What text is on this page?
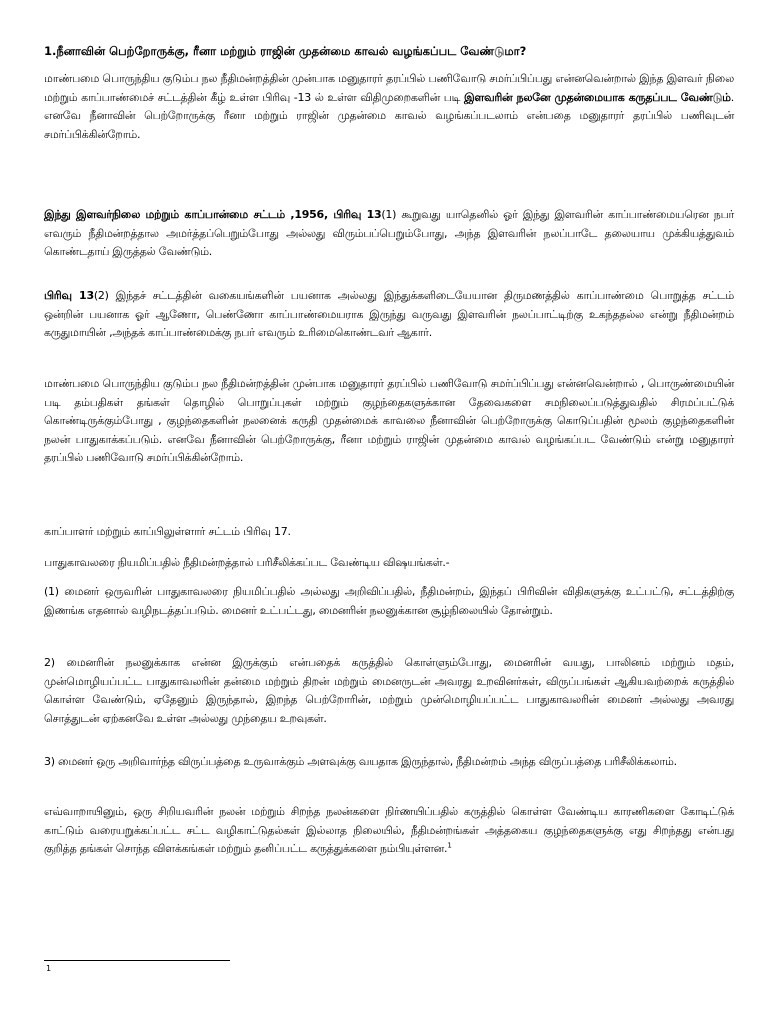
1.நீனாவின் பெற்றோருக்கு, ரீனா மற்றும் ராஜின் முதன்மை காவல் வழங்கப்பட வேண்டுமா?

மாண்பமை பொருந்திய குடும்ப நல நீதிமன்றத்தின் முன்பாக மனுதாரர் தரப்பில் பணிவோடு சமர்ப்பிப்பது என்னவென்றால் இந்த இளவர் நிலை மற்றும் காப்பாண்மைச் சட்டத்தின் கீழ் உள்ள பிரிவு -13 ல் உள்ள விதிமுறைகளின் படி இளவரின் நலனே முதன்மையாக கருதப்பட வேண்டும். எனவே நீனாவின் பெற்றோருக்கு ரீனா மற்றும் ராஜின் முதன்மை காவல் வழங்கப்படலாம் என்பதை மனுதாரர் தரப்பில் பணிவுடன் சமர்ப்பிக்கின்றோம்.

இந்து இளவர்நிலை மற்றும் காப்பான்மை சட்டம் ,1956, பிரிவு 13(1) கூறுவது யாதெனில் ஓர் இந்து இளவரின் காப்பாண்மையரென நபர் எவரும் நீதிமன்றத்தால அமர்த்தப்பெறும்போது அல்லது விரும்பப்பெறும்போது, அந்த இளவரின் நலப்பாடே தலையாய முக்கியத்துவம் கொண்டதாய் இருத்தல் வேண்டும்.

பிரிவு 13(2) இந்தச் சட்டத்தின் வகையங்களின் பயனாக அல்லது இந்துக்களிடையேயான திருமணத்தில் காப்பாண்மை பொறுத்த சட்டம் ஒன்றின் பயனாக ஓர் ஆணோ, பெண்ணோ காப்பாண்மையராக இருந்து வருவது இளவரின் நலப்பாட்டிற்கு உகந்ததல்ல என்று நீதிமன்றம் கருதுமாயின் ,அந்தக் காப்பாண்மைக்கு நபர் எவரும் உரிமைகொண்டவர் ஆகார்.

மாண்பமை பொருந்திய குடும்ப நல நீதிமன்றத்தின் முன்பாக மனுதாரர் தரப்பில் பணிவோடு சமர்ப்பிப்பது என்னவென்றால் , பொருண்மையின் படி தம்பதிகள் தங்கள் தொழில் பொறுப்புகள் மற்றும் குழந்தைகளுக்கான தேவைகளை சமநிலைப்படுத்துவதில் சிரமப்பட்டுக் கொண்டிருக்கும்போது , குழந்தைகளின் நலனைக் கருதி முதன்மைக் காவலை நீனாவின் பெற்றோருக்கு கொடுப்பதின் மூலம் குழந்தைகளின் நலன் பாதுகாக்கப்படும். எனவே நீனாவின் பெற்றோருக்கு, ரீனா மற்றும் ராஜின் முதன்மை காவல் வழங்கப்பட வேண்டும் என்று மனுதாரர் தரப்பில் பணிவோடு சமர்ப்பிக்கின்றோம்.

காப்பாளர் மற்றும் காப்பிலுள்ளார் சட்டம் பிரிவு 17.

பாதுகாவலரை நியமிப்பதில் நீதிமன்றத்தால் பரிசீலிக்கப்பட வேண்டிய விஷயங்கள்.-

(1) மைனர் ஒருவரின் பாதுகாவலரை நியமிப்பதில் அல்லது அறிவிப்பதில், நீதிமன்றம், இந்தப் பிரிவின் விதிகளுக்கு உட்பட்டு, சட்டத்திற்கு இணங்க எதனால் வழிநடத்தப்படும். மைனர் உட்பட்டது, மைனரின் நலனுக்கான சூழ்நிலையில் தோன்றும்.

2) மைனரின் நலனுக்காக என்ன இருக்கும் என்பதைக் கருத்தில் கொள்ளும்போது, மைனரின் வயது, பாலினம் மற்றும் மதம், முன்மொழியப்பட்ட பாதுகாவலரின் தன்மை மற்றும் திறன் மற்றும் மைனருடன் அவரது உறவினர்கள், விருப்பங்கள் ஆகியவற்றைக் கருத்தில் கொள்ள வேண்டும், ஏதேனும் இருந்தால், இறந்த பெற்றோரின், மற்றும் முன்மொழியப்பட்ட பாதுகாவலரின் மைனர் அல்லது அவரது சொத்துடன் ஏற்கனவே உள்ள அல்லது முந்தைய உறவுகள்.

3) மைனர் ஒரு அறிவார்ந்த விருப்பத்தை உருவாக்கும் அளவுக்கு வயதாக இருந்தால், நீதிமன்றம் அந்த விருப்பத்தை பரிசீலிக்கலாம்.

எவ்வாறாயினும், ஒரு சிறியவரின் நலன் மற்றும் சிறந்த நலன்களை நிர்ணயிப்பதில் கருத்தில் கொள்ள வேண்டிய காரணிகளை கோடிட்டுக் காட்டும் வரையறுக்கப்பட்ட சட்ட வழிகாட்டுதல்கள் இல்லாத நிலையில், நீதிமன்றங்கள் அத்தகைய குழந்தைகளுக்கு எது சிறந்தது என்பது குறித்த தங்கள் சொந்த விளக்கங்கள் மற்றும் தனிப்பட்ட கருத்துக்களை நம்பியுள்ளன.$^1$

1
